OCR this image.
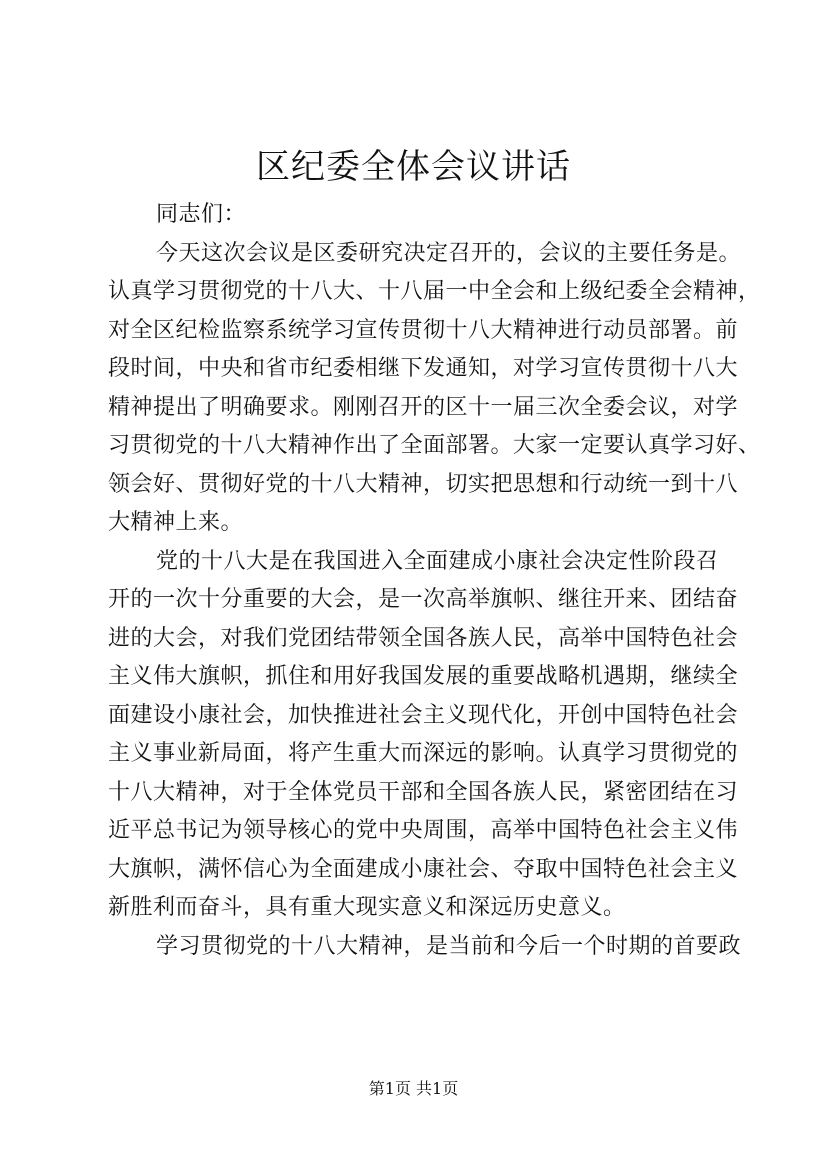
区纪委全体会议讲话
同志们：
今天这次会议是区委研究决定召开的，会议的主要任务是。
认真学习贯彻党的十八大、十八届一中全会和上级纪委全会精神，
对全区纪检监察系统学习宣传贯彻十八大精神进行动员部署。前
段时间，中央和省市纪委相继下发通知，对学习宣传贯彻十八大
精神提出了明确要求。刚刚召开的区十一届三次全委会议，对学
习贯彻党的十八大精神作出了全面部署。大家一定要认真学习好、
领会好、贯彻好党的十八大精神，切实把思想和行动统一到十八
大精神上来。
党的十八大是在我国进入全面建成小康社会决定性阶段召
开的一次十分重要的大会，是一次高举旗帜、继往开来、团结奋
进的大会，对我们党团结带领全国各族人民，高举中国特色社会
主义伟大旗帜，抓住和用好我国发展的重要战略机遇期，继续全
面建设小康社会，加快推进社会主义现代化，开创中国特色社会
主义事业新局面，将产生重大而深远的影响。认真学习贯彻党的
十八大精神，对于全体党员干部和全国各族人民，紧密团结在习
近平总书记为领导核心的党中央周围，高举中国特色社会主义伟
大旗帜，满怀信心为全面建成小康社会、夺取中国特色社会主义
新胜利而奋斗，具有重大现实意义和深远历史意义。
学习贯彻党的十八大精神，是当前和今后一个时期的首要政
第1页 共1页
